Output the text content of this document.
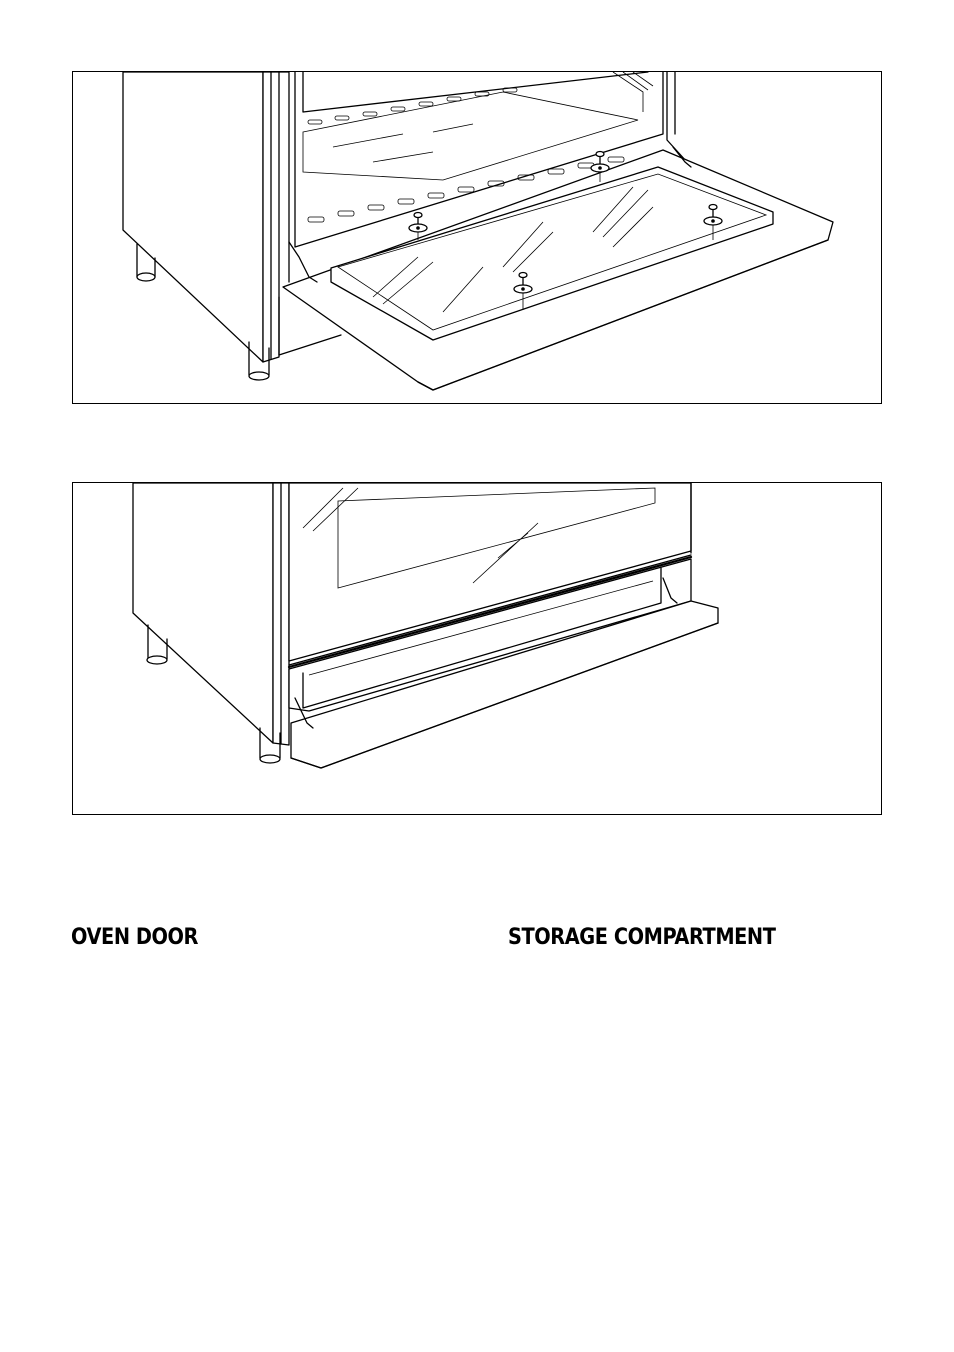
OVEN DOOR	STORAGE COMPARTMENT
